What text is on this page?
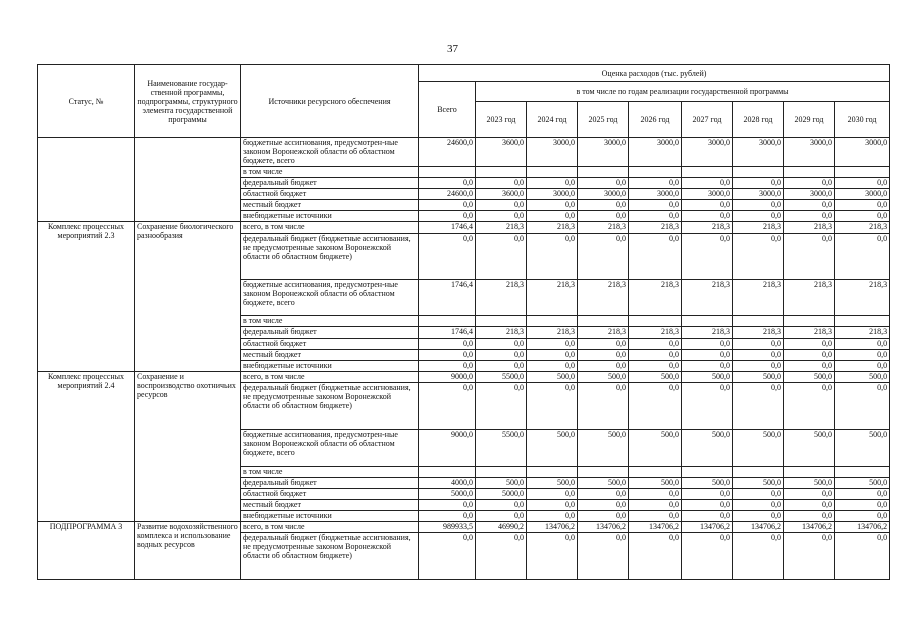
37
Статус, №	Наименование государ-ственной программы, подпрограммы, структурного элемента государственной программы	Источники ресурсного обеспечения	Оценка расходов (тыс. рублей)								
			Всего	в том числе по годам реализации государственной программы							
				2023 год	2024 год	2025 год	2026 год	2027 год	2028 год	2029 год	2030 год
		бюджетные ассигнования, предусмотрен-ные законом Воронежской области об областном бюджете, всего	24600,0	3600,0	3000,0	3000,0	3000,0	3000,0	3000,0	3000,0	3000,0
		в том числе									
		федеральный бюджет	0,0	0,0	0,0	0,0	0,0	0,0	0,0	0,0	0,0
		областной бюджет	24600,0	3600,0	3000,0	3000,0	3000,0	3000,0	3000,0	3000,0	3000,0
		местный бюджет	0,0	0,0	0,0	0,0	0,0	0,0	0,0	0,0	0,0
		внебюджетные источники	0,0	0,0	0,0	0,0	0,0	0,0	0,0	0,0	0,0
Комплекс процессных мероприятий 2.3	Сохранение биологического разнообразия	всего, в том числе	1746,4	218,3	218,3	218,3	218,3	218,3	218,3	218,3	218,3
		федеральный бюджет (бюджетные ассигнования, не предусмотренные законом Воронежской области об областном бюджете)	0,0	0,0	0,0	0,0	0,0	0,0	0,0	0,0	0,0
		бюджетные ассигнования, предусмотрен-ные законом Воронежской области об областном бюджете, всего	1746,4	218,3	218,3	218,3	218,3	218,3	218,3	218,3	218,3
		в том числе									
		федеральный бюджет	1746,4	218,3	218,3	218,3	218,3	218,3	218,3	218,3	218,3
		областной бюджет	0,0	0,0	0,0	0,0	0,0	0,0	0,0	0,0	0,0
		местный бюджет	0,0	0,0	0,0	0,0	0,0	0,0	0,0	0,0	0,0
		внебюджетные источники	0,0	0,0	0,0	0,0	0,0	0,0	0,0	0,0	0,0
Комплекс процессных мероприятий 2.4	Сохранение и воспроизводство охотничьих ресурсов	всего, в том числе	9000,0	5500,0	500,0	500,0	500,0	500,0	500,0	500,0	500,0
		федеральный бюджет (бюджетные ассигнования, не предусмотренные законом Воронежской области об областном бюджете)	0,0	0,0	0,0	0,0	0,0	0,0	0,0	0,0	0,0
		бюджетные ассигнования, предусмотрен-ные законом Воронежской области об областном бюджете, всего	9000,0	5500,0	500,0	500,0	500,0	500,0	500,0	500,0	500,0
		в том числе									
		федеральный бюджет	4000,0	500,0	500,0	500,0	500,0	500,0	500,0	500,0	500,0
		областной бюджет	5000,0	5000,0	0,0	0,0	0,0	0,0	0,0	0,0	0,0
		местный бюджет	0,0	0,0	0,0	0,0	0,0	0,0	0,0	0,0	0,0
		внебюджетные источники	0,0	0,0	0,0	0,0	0,0	0,0	0,0	0,0	0,0
ПОДПРОГРАММА 3	Развитие водохозяйственного комплекса и использование водных ресурсов	всего, в том числе	989933,5	46990,2	134706,2	134706,2	134706,2	134706,2	134706,2	134706,2	134706,2
		федеральный бюджет (бюджетные ассигнования, не предусмотренные законом Воронежской области об областном бюджете)	0,0	0,0	0,0	0,0	0,0	0,0	0,0	0,0	0,0
